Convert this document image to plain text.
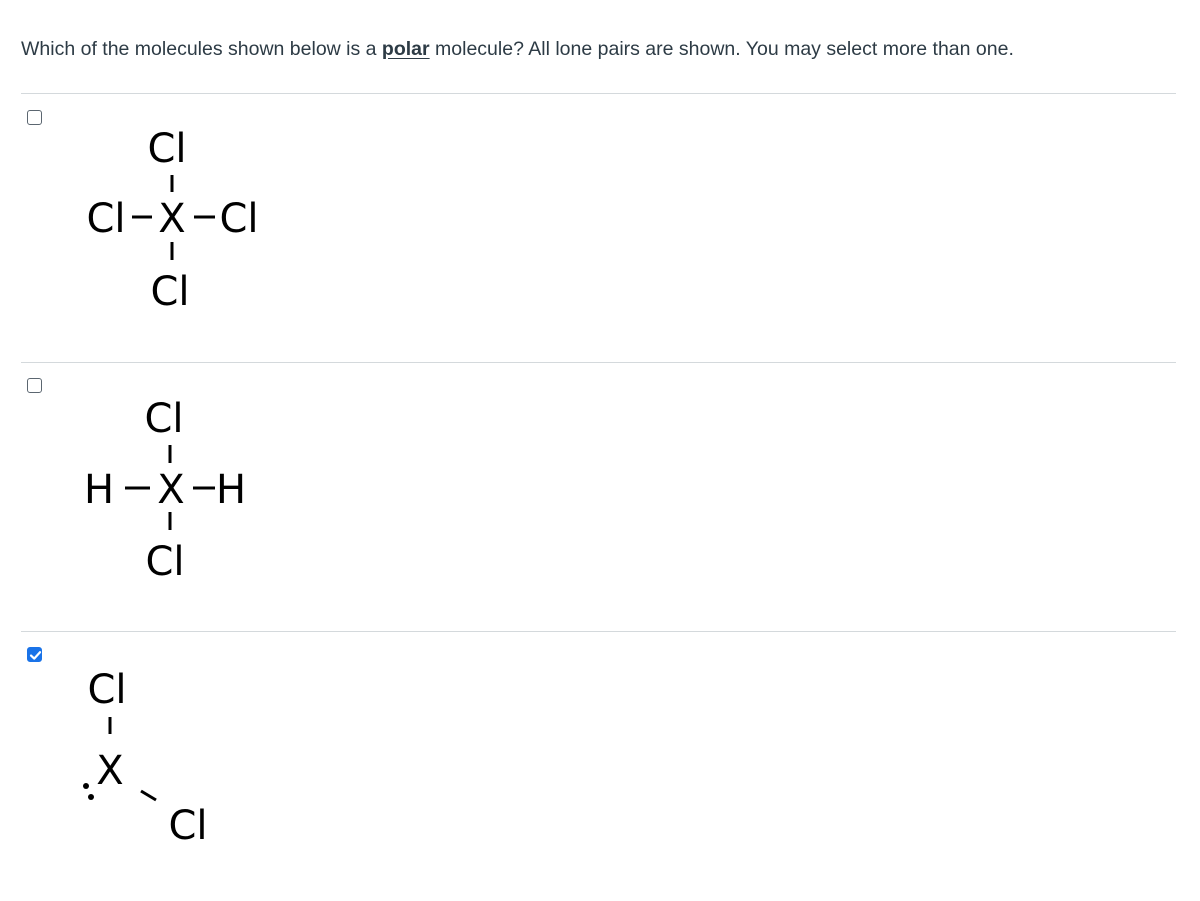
Which of the molecules shown below is a polar molecule? All lone pairs are shown. You may select more than one.
Cl
Cl X Cl
Cl
Cl
H X H
Cl
Cl
X
Cl
